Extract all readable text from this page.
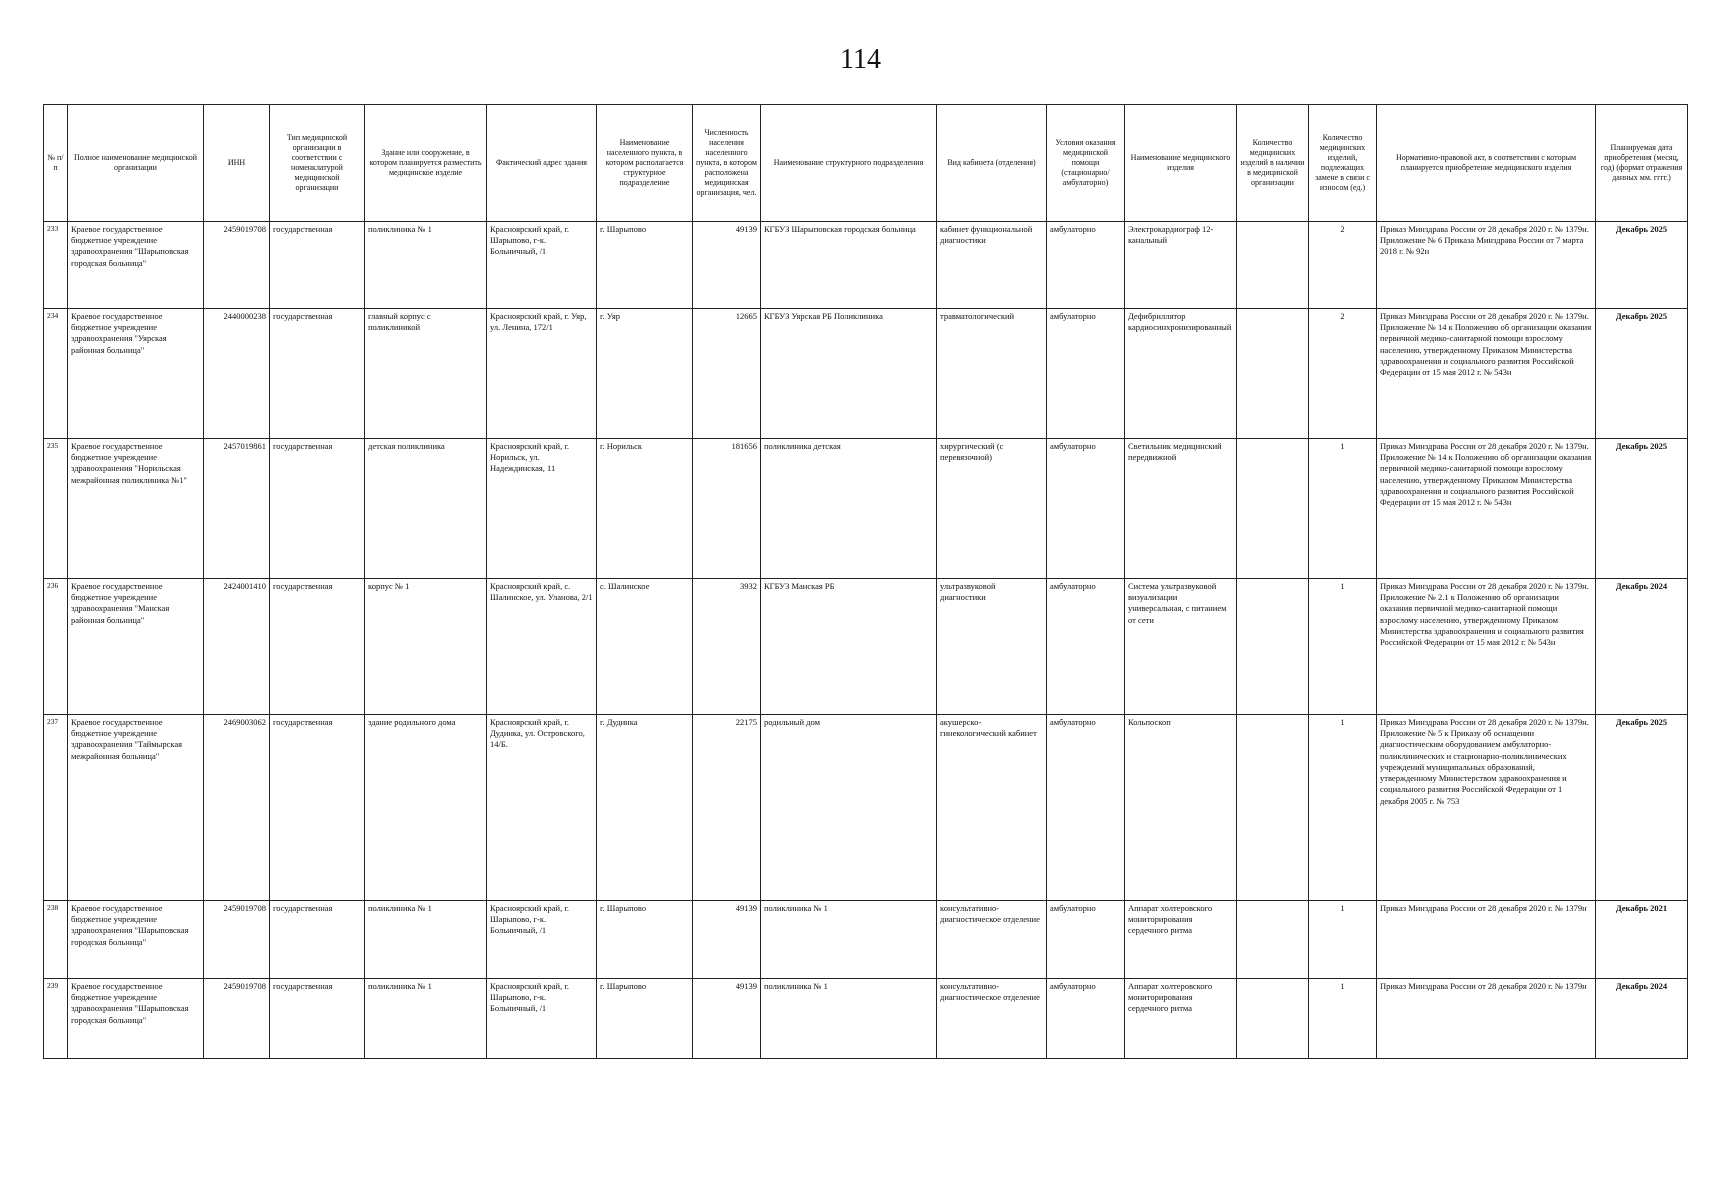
114
№ п/п	Полное наименование медицинской организации	ИНН	Тип медицинской организации в соответствии с номенклатурой медицинской организации	Здание или сооружение, в котором планируется разместить медицинское изделие	Фактический адрес здания	Наименование населенного пункта, в котором располагается структурное подразделение	Численность населения населенного пункта, в котором расположена медицинская организация, чел.	Наименование структурного подразделения	Вид кабинета (отделения)	Условия оказания медицинской помощи (стационарно/ амбулаторно)	Наименование медицинского изделия	Количество медицинских изделий в наличии в медицинской организации	Количество медицинских изделий, подлежащих замене в связи с износом (ед.)	Нормативно-правовой акт, в соответствии с которым планируется приобретение медицинского изделия	Планируемая дата приобретения (месяц, год) (формат отражения данных мм. гггг.)
233	Краевое государственное бюджетное учреждение здравоохранения "Шарыповская городская больница"	2459019708	государственная	поликлиника № 1	Красноярский край, г. Шарыпово, г-к. Больничный, /1	г. Шарыпово	49139	КГБУЗ Шарыповская городская больница	кабинет функциональной диагностики	амбулаторно	Электрокардиограф 12-канальный		2	Приказ Минздрава России от 28 декабря 2020 г. № 1379н. Приложение № 6 Приказа Минздрава России от 7 марта 2018 г. № 92н	Декабрь 2025
234	Краевое государственное бюджетное учреждение здравоохранения "Уярская районная больница"	2440000238	государственная	главный корпус с поликлиникой	Красноярский край, г. Уяр, ул. Ленина, 172/1	г. Уяр	12665	КГБУЗ Уярская РБ Поликлиника	травматологический	амбулаторно	Дефибриллятор кардиосинхронизированный		2	Приказ Минздрава России от 28 декабря 2020 г. № 1379н. Приложение № 14 к Положению об организации оказания первичной медико-санитарной помощи взрослому населению, утвержденному Приказом Министерства здравоохранения и социального развития Российской Федерации от 15 мая 2012 г. № 543н	Декабрь 2025
235	Краевое государственное бюджетное учреждение здравоохранения "Норильская межрайонная поликлиника №1"	2457019861	государственная	детская поликлиника	Красноярский край, г. Норильск, ул. Надеждинская, 11	г. Норильск	181656	поликлиника детская	хирургический (с перевязочной)	амбулаторно	Светильник медицинский передвижной		1	Приказ Минздрава России от 28 декабря 2020 г. № 1379н. Приложение № 14 к Положению об организации оказания первичной медико-санитарной помощи взрослому населению, утвержденному Приказом Министерства здравоохранения и социального развития Российской Федерации от 15 мая 2012 г. № 543н	Декабрь 2025
236	Краевое государственное бюджетное учреждение здравоохранения "Манская районная больница"	2424001410	государственная	корпус № 1	Красноярский край, с. Шалинское, ул. Уланова, 2/1	с. Шалинское	3932	КГБУЗ Манская РБ	ультразвуковой диагностики	амбулаторно	Система ультразвуковой визуализации универсальная, с питанием от сети		1	Приказ Минздрава России от 28 декабря 2020 г. № 1379н. Приложение № 2.1 к Положению об организации оказания первичной медико-санитарной помощи взрослому населению, утвержденному Приказом Министерства здравоохранения и социального развития Российской Федерации от 15 мая 2012 г. № 543н	Декабрь 2024
237	Краевое государственное бюджетное учреждение здравоохранения "Таймырская межрайонная больница"	2469003062	государственная	здание родильного дома	Красноярский край, г. Дудинка, ул. Островского, 14/Б.	г. Дудинка	22175	родильный дом	акушерско-гинекологический кабинет	амбулаторно	Кольпоскоп		1	Приказ Минздрава России от 28 декабря 2020 г. № 1379н. Приложение № 5 к Приказу об оснащении диагностическим оборудованием амбулаторно-поликлинических и стационарно-поликлинических учреждений муниципальных образований, утвержденному Министерством здравоохранения и социального развития Российской Федерации от 1 декабря 2005 г. № 753	Декабрь 2025
238	Краевое государственное бюджетное учреждение здравоохранения "Шарыповская городская больница"	2459019708	государственная	поликлиника № 1	Красноярский край, г. Шарыпово, г-к. Больничный, /1	г. Шарыпово	49139	поликлиника № 1	консультативно-диагностическое отделение	амбулаторно	Аппарат холтеровского мониторирования сердечного ритма		1	Приказ Минздрава России от 28 декабря 2020 г. № 1379н	Декабрь 2021
239	Краевое государственное бюджетное учреждение здравоохранения "Шарыповская городская больница"	2459019708	государственная	поликлиника № 1	Красноярский край, г. Шарыпово, г-к. Больничный, /1	г. Шарыпово	49139	поликлиника № 1	консультативно-диагностическое отделение	амбулаторно	Аппарат холтеровского мониторирования сердечного ритма		1	Приказ Минздрава России от 28 декабря 2020 г. № 1379н	Декабрь 2024
